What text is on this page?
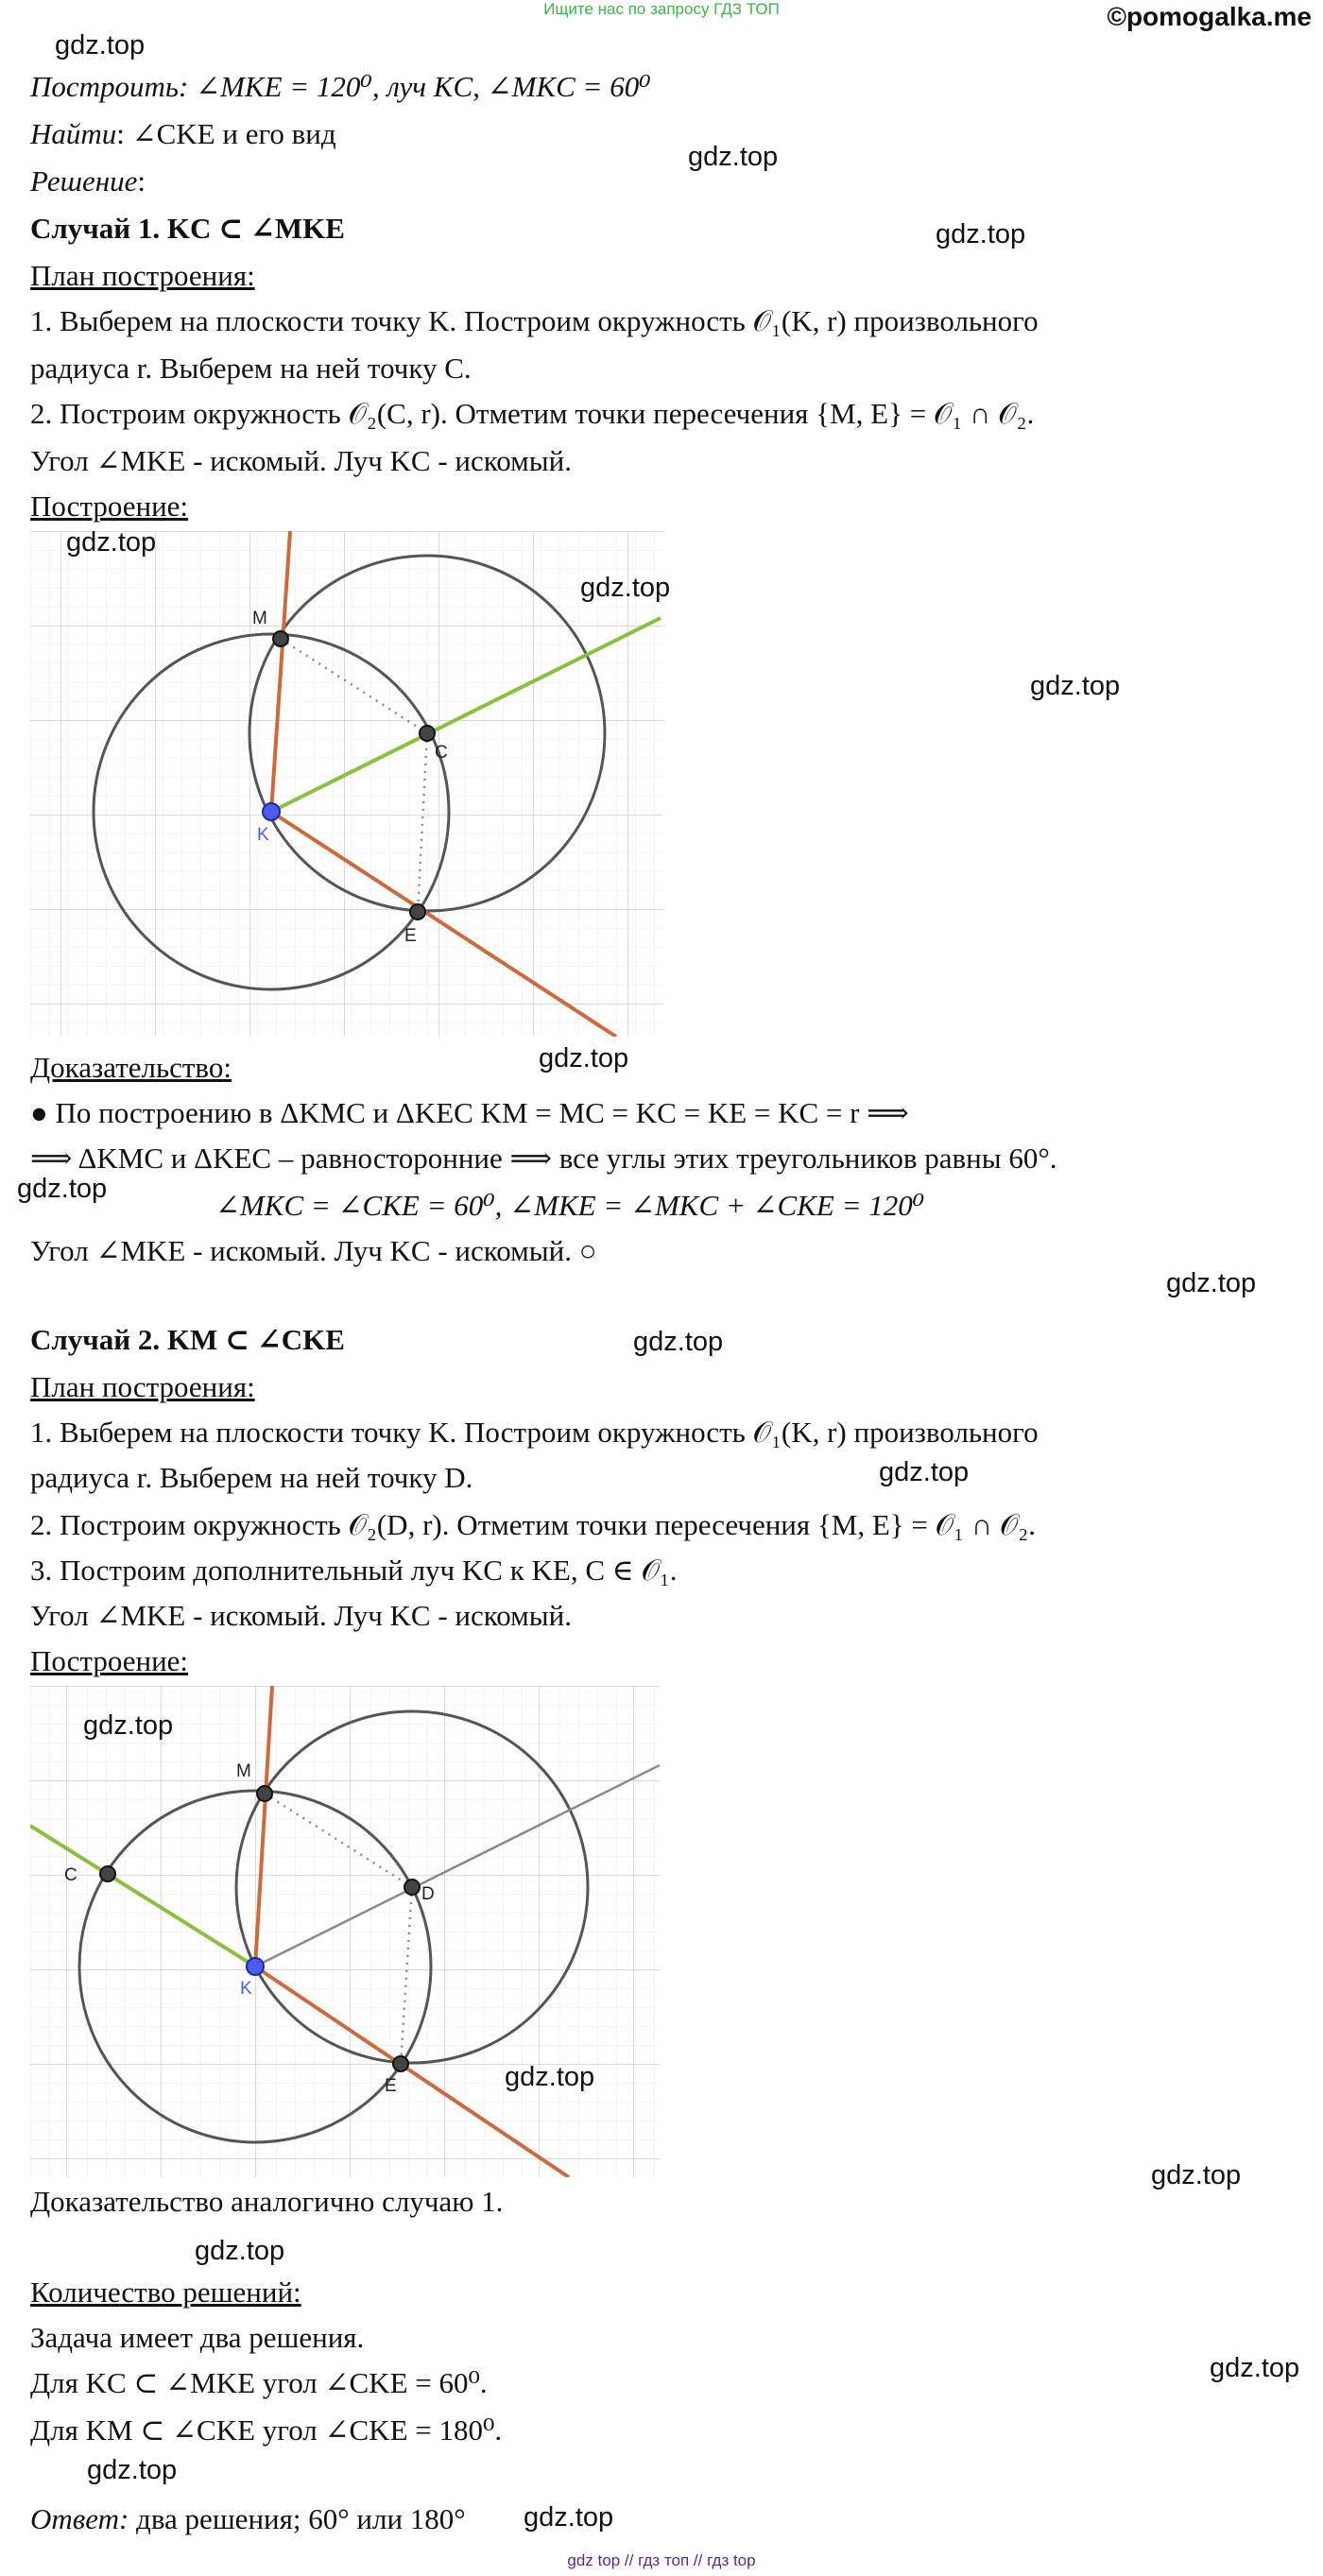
Ищите нас по запросу ГДЗ ТОП	©pomogalka.me
Построить: ∠MKE = 120⁰, луч KC, ∠MKC = 60⁰
Найти: ∠CKE и его вид
Решение:
Случай 1. KC ⊂ ∠MKE
План построения:
1. Выберем на плоскости точку K. Построим окружность 𝒪₁(K, r) произвольного
радиуса r. Выберем на ней точку C.
2. Построим окружность 𝒪₂(C, r). Отметим точки пересечения {M, E} = 𝒪₁ ∩ 𝒪₂.
Угол ∠MKE - искомый. Луч KC - искомый.
Построение:
M
C
K
E
Доказательство:
● По построению в ΔKMC и ΔKEC KM = MC = KC = KE = KC = r ⟹
⟹ ΔKMC и ΔKEC – равносторонние ⟹ все углы этих треугольников равны 60°.
∠MKC = ∠CKE = 60⁰, ∠MKE = ∠MKC + ∠CKE = 120⁰
Угол ∠MKE - искомый. Луч KC - искомый. ○
Случай 2. KM ⊂ ∠CKE
План построения:
1. Выберем на плоскости точку K. Построим окружность 𝒪₁(K, r) произвольного
радиуса r. Выберем на ней точку D.
2. Построим окружность 𝒪₂(D, r). Отметим точки пересечения {M, E} = 𝒪₁ ∩ 𝒪₂.
3. Построим дополнительный луч KC к KE, C ∈ 𝒪₁.
Угол ∠MKE - искомый. Луч KC - искомый.
Построение:
M
C
D
K
E
Доказательство аналогично случаю 1.
Количество решений:
Задача имеет два решения.
Для KC ⊂ ∠MKE угол ∠CKE = 60⁰.
Для KM ⊂ ∠CKE угол ∠CKE = 180⁰.
Ответ: два решения; 60° или 180°
gdz.top
gdz.top
gdz.top
gdz.top
gdz.top
gdz.top
gdz.top
gdz.top
gdz.top
gdz.top
gdz.top
gdz.top
gdz.top
gdz.top
gdz.top
gdz.top
gdz.top
gdz.top
gdz top // гдз топ // гдз top
